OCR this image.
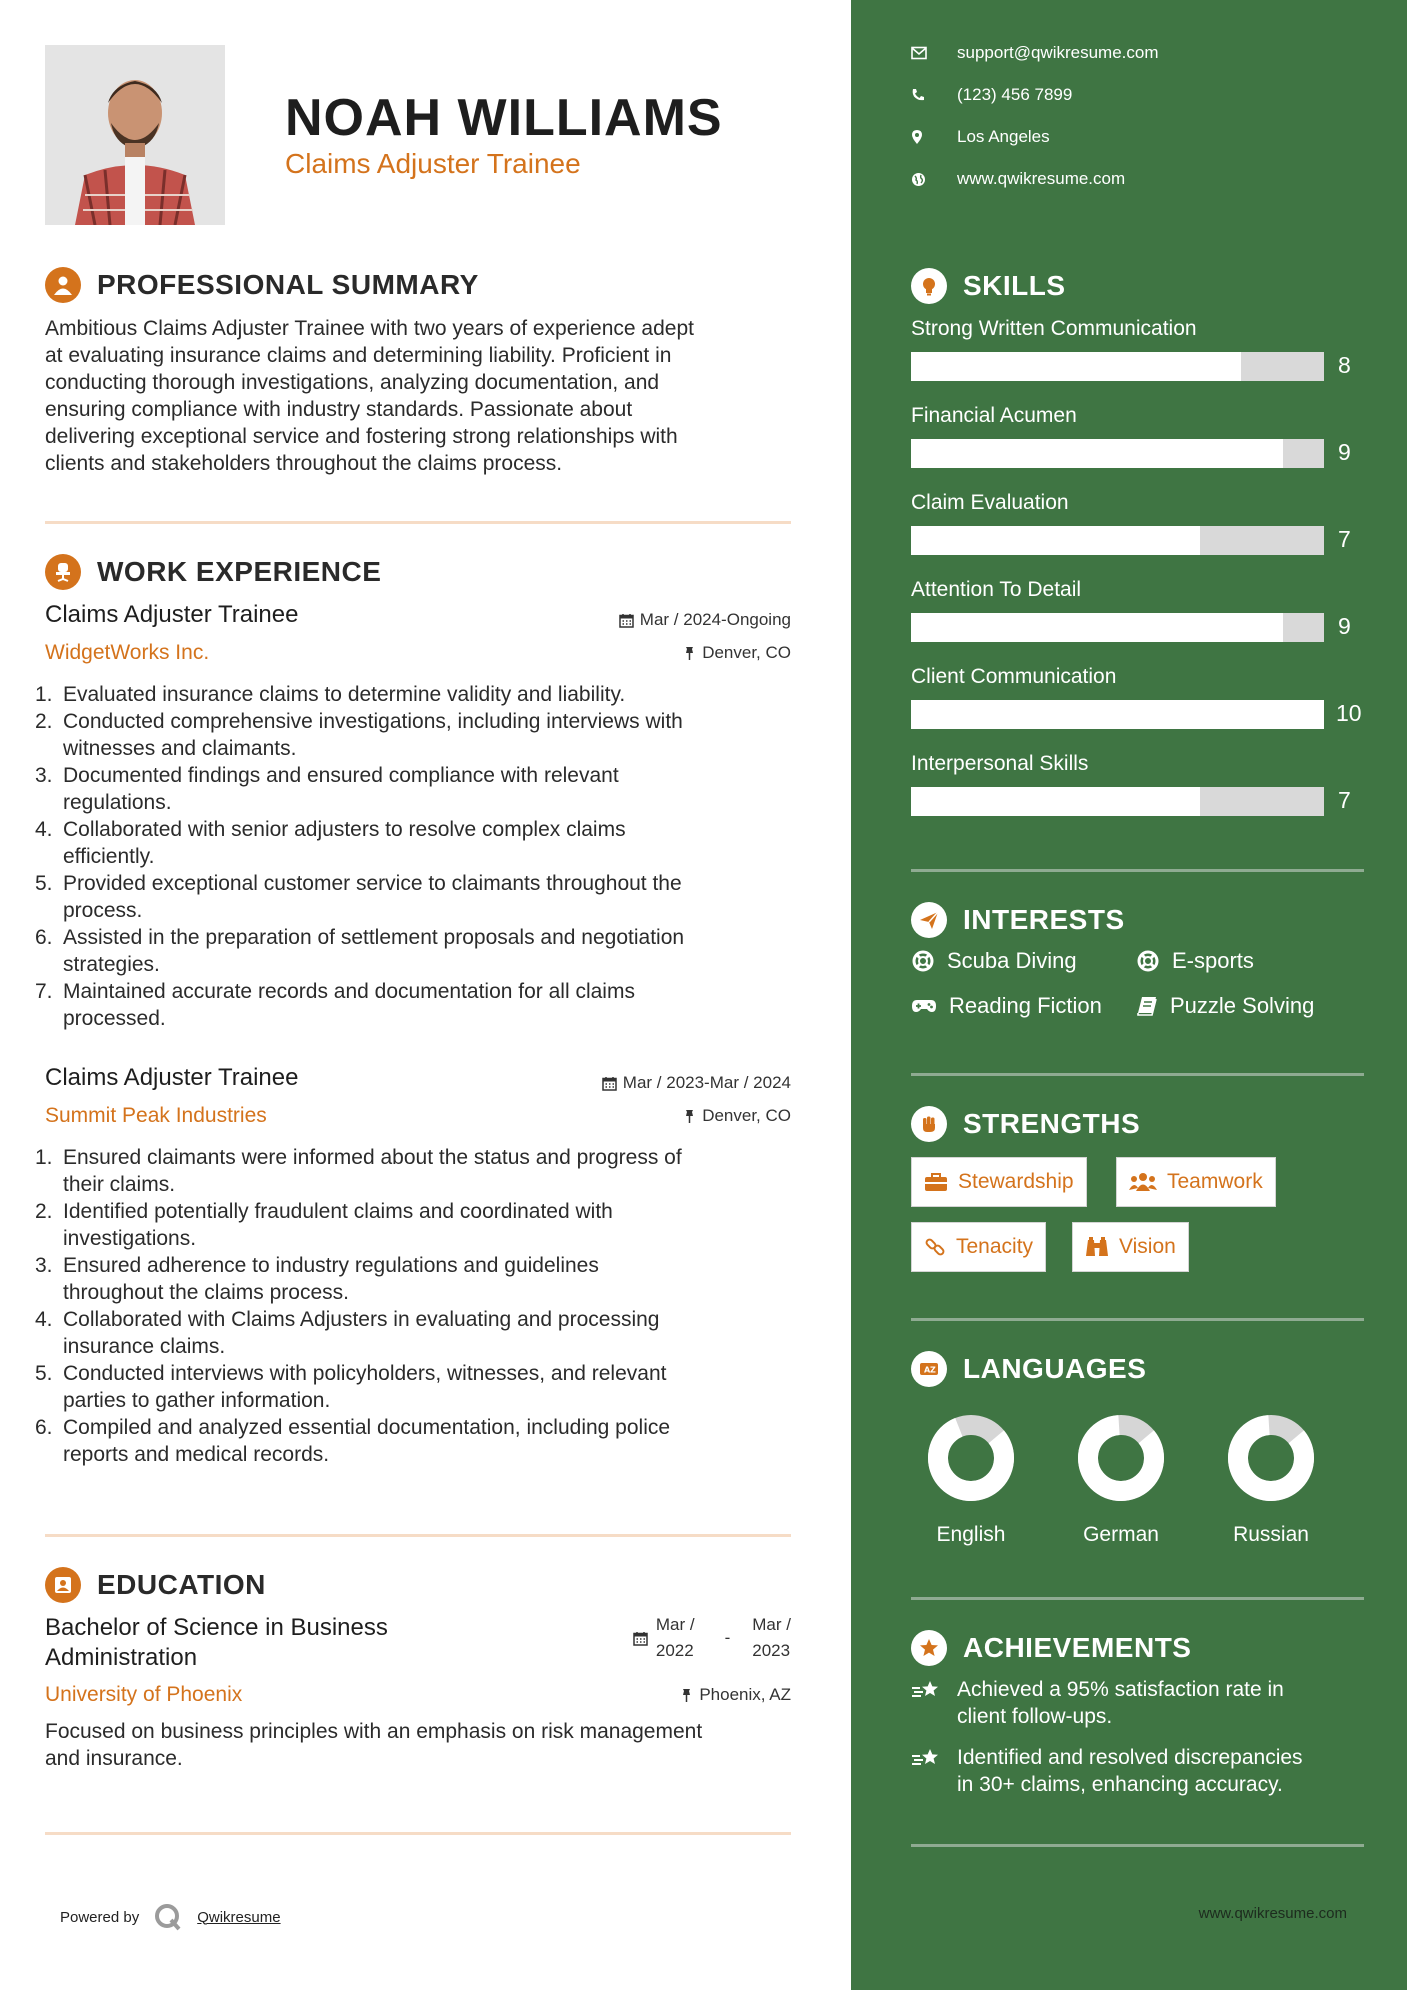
NOAH WILLIAMS
Claims Adjuster Trainee
PROFESSIONAL SUMMARY
Ambitious Claims Adjuster Trainee with two years of experience adept
at evaluating insurance claims and determining liability. Proficient in
conducting thorough investigations, analyzing documentation, and
ensuring compliance with industry standards. Passionate about
delivering exceptional service and fostering strong relationships with
clients and stakeholders throughout the claims process.
WORK EXPERIENCE
Claims Adjuster Trainee	Mar / 2024-Ongoing
WidgetWorks Inc.	Denver, CO
1. Evaluated insurance claims to determine validity and liability.
2. Conducted comprehensive investigations, including interviews with
witnesses and claimants.
3. Documented findings and ensured compliance with relevant
regulations.
4. Collaborated with senior adjusters to resolve complex claims
efficiently.
5. Provided exceptional customer service to claimants throughout the
process.
6. Assisted in the preparation of settlement proposals and negotiation
strategies.
7. Maintained accurate records and documentation for all claims
processed.
Claims Adjuster Trainee	Mar / 2023-Mar / 2024
Summit Peak Industries	Denver, CO
1. Ensured claimants were informed about the status and progress of
their claims.
2. Identified potentially fraudulent claims and coordinated with
investigations.
3. Ensured adherence to industry regulations and guidelines
throughout the claims process.
4. Collaborated with Claims Adjusters in evaluating and processing
insurance claims.
5. Conducted interviews with policyholders, witnesses, and relevant
parties to gather information.
6. Compiled and analyzed essential documentation, including police
reports and medical records.
EDUCATION
Bachelor of Science in Business
Administration
Mar /
2022
-
Mar /
2023
University of Phoenix	Phoenix, AZ
Focused on business principles with an emphasis on risk management
and insurance.
Powered by	Qwikresume
support@qwikresume.com
(123) 456 7899
Los Angeles
www.qwikresume.com
SKILLS
Strong Written Communication
8
Financial Acumen
9
Claim Evaluation
7
Attention To Detail
9
Client Communication
10
Interpersonal Skills
7
INTERESTS
Scuba Diving	E-sports
Reading Fiction	Puzzle Solving
STRENGTHS
Stewardship	Teamwork
Tenacity	Vision
A Z LANGUAGES
English	German	Russian
ACHIEVEMENTS
Achieved a 95% satisfaction rate in
client follow-ups.
Identified and resolved discrepancies
in 30+ claims, enhancing accuracy.
www.qwikresume.com
